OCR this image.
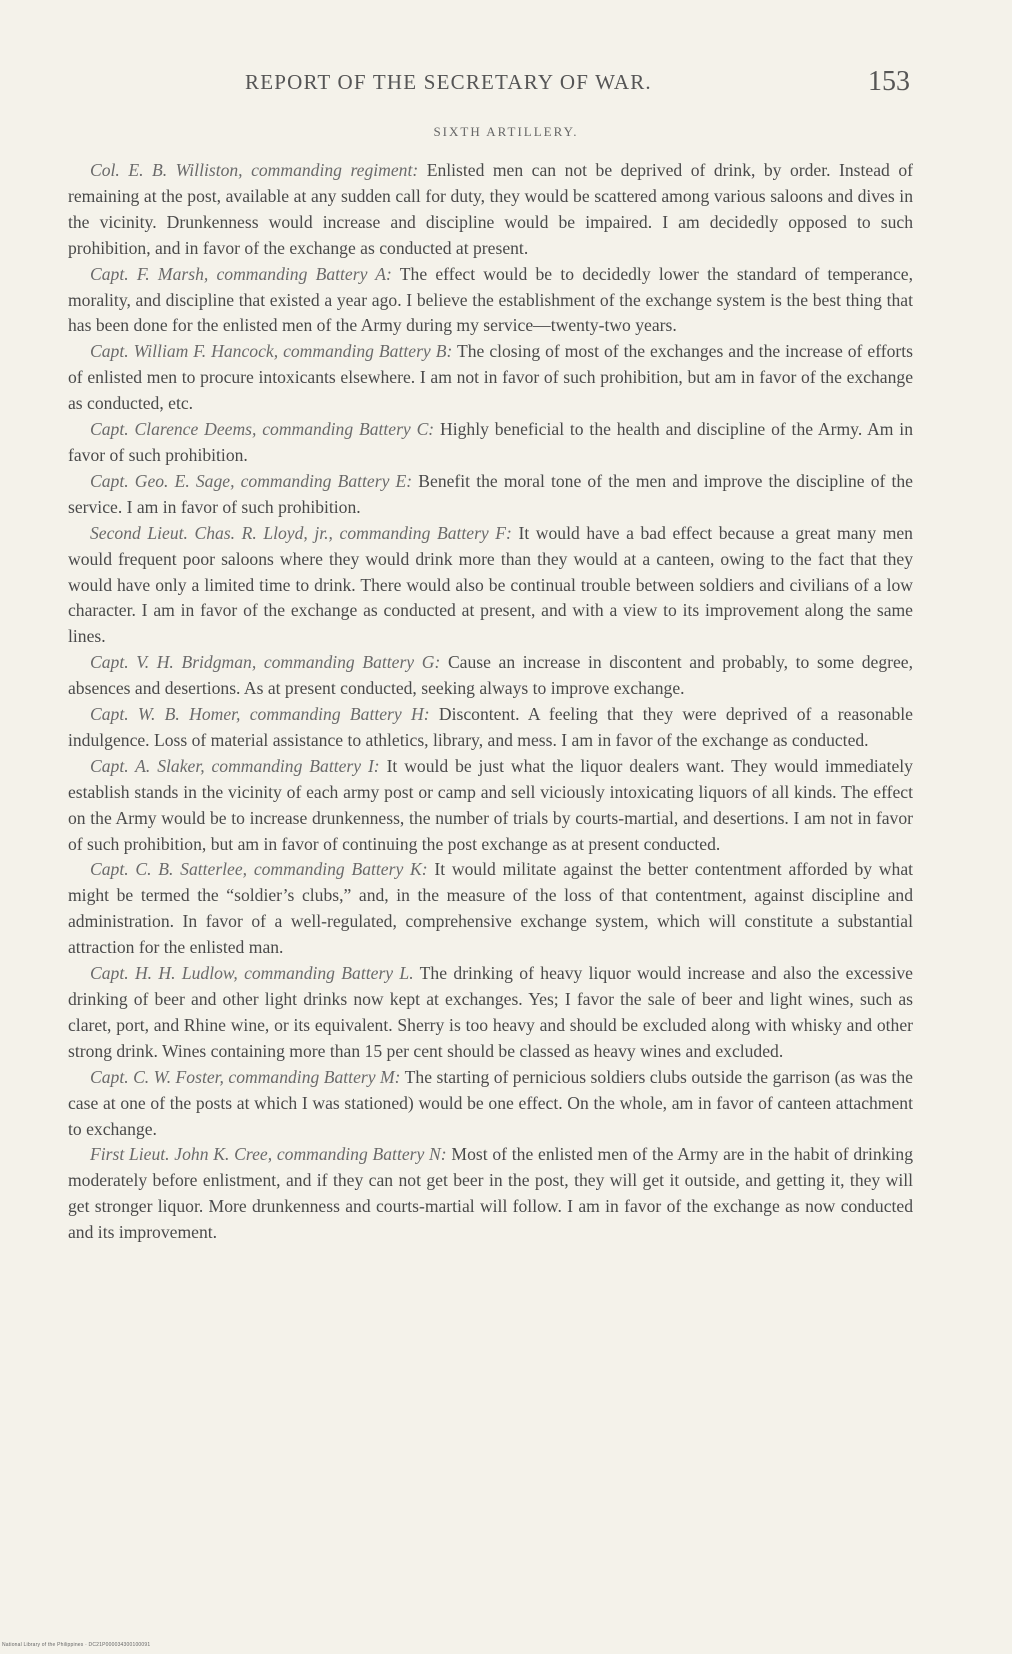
REPORT OF THE SECRETARY OF WAR.	153
SIXTH ARTILLERY.

Col. E. B. Williston, commanding regiment: Enlisted men can not be deprived of drink, by order. Instead of remaining at the post, available at any sudden call for duty, they would be scattered among various saloons and dives in the vicinity. Drunkenness would increase and discipline would be impaired. I am decidedly opposed to such prohibition, and in favor of the exchange as conducted at present.

Capt. F. Marsh, commanding Battery A: The effect would be to decidedly lower the standard of temperance, morality, and discipline that existed a year ago. I believe the establishment of the exchange system is the best thing that has been done for the enlisted men of the Army during my service—twenty-two years.

Capt. William F. Hancock, commanding Battery B: The closing of most of the exchanges and the increase of efforts of enlisted men to procure intoxicants elsewhere. I am not in favor of such prohibition, but am in favor of the exchange as conducted, etc.

Capt. Clarence Deems, commanding Battery C: Highly beneficial to the health and discipline of the Army. Am in favor of such prohibition.

Capt. Geo. E. Sage, commanding Battery E: Benefit the moral tone of the men and improve the discipline of the service. I am in favor of such prohibition.

Second Lieut. Chas. R. Lloyd, jr., commanding Battery F: It would have a bad effect because a great many men would frequent poor saloons where they would drink more than they would at a canteen, owing to the fact that they would have only a limited time to drink. There would also be continual trouble between soldiers and civilians of a low character. I am in favor of the exchange as conducted at present, and with a view to its improvement along the same lines.

Capt. V. H. Bridgman, commanding Battery G: Cause an increase in discontent and probably, to some degree, absences and desertions. As at present conducted, seeking always to improve exchange.

Capt. W. B. Homer, commanding Battery H: Discontent. A feeling that they were deprived of a reasonable indulgence. Loss of material assistance to athletics, library, and mess. I am in favor of the exchange as conducted.

Capt. A. Slaker, commanding Battery I: It would be just what the liquor dealers want. They would immediately establish stands in the vicinity of each army post or camp and sell viciously intoxicating liquors of all kinds. The effect on the Army would be to increase drunkenness, the number of trials by courts-martial, and desertions. I am not in favor of such prohibition, but am in favor of continuing the post exchange as at present conducted.

Capt. C. B. Satterlee, commanding Battery K: It would militate against the better contentment afforded by what might be termed the “soldier’s clubs,” and, in the measure of the loss of that contentment, against discipline and administration. In favor of a well-regulated, comprehensive exchange system, which will constitute a substantial attraction for the enlisted man.

Capt. H. H. Ludlow, commanding Battery L. The drinking of heavy liquor would increase and also the excessive drinking of beer and other light drinks now kept at exchanges. Yes; I favor the sale of beer and light wines, such as claret, port, and Rhine wine, or its equivalent. Sherry is too heavy and should be excluded along with whisky and other strong drink. Wines containing more than 15 per cent should be classed as heavy wines and excluded.

Capt. C. W. Foster, commanding Battery M: The starting of pernicious soldiers clubs outside the garrison (as was the case at one of the posts at which I was stationed) would be one effect. On the whole, am in favor of canteen attachment to exchange.

First Lieut. John K. Cree, commanding Battery N: Most of the enlisted men of the Army are in the habit of drinking moderately before enlistment, and if they can not get beer in the post, they will get it outside, and getting it, they will get stronger liquor. More drunkenness and courts-martial will follow. I am in favor of the exchange as now conducted and its improvement.

National Library of the Philippines · DC21P000034300100091
